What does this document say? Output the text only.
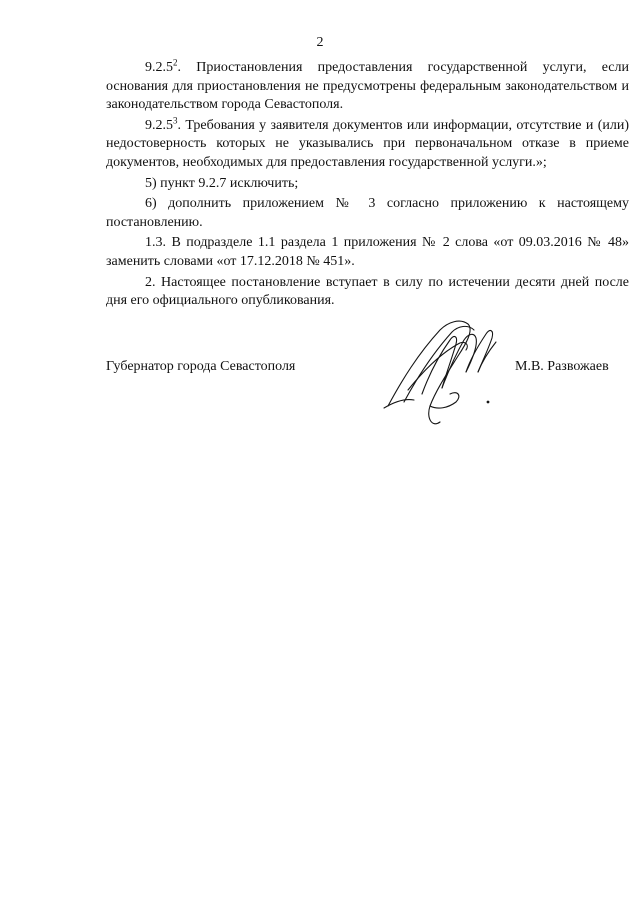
2

9.2.5$^2$. Приостановления предоставления государственной услуги, если основания для приостановления не предусмотрены федеральным законодательством и законодательством города Севастополя.

9.2.5$^3$. Требования у заявителя документов или информации, отсутствие и (или) недостоверность которых не указывались при первоначальном отказе в приеме документов, необходимых для предоставления государственной услуги.»;

5) пункт 9.2.7 исключить;

6) дополнить приложением № 3 согласно приложению к настоящему постановлению.

1.3. В подразделе 1.1 раздела 1 приложения № 2 слова «от 09.03.2016 № 48» заменить словами «от 17.12.2018 № 451».

2. Настоящее постановление вступает в силу по истечении десяти дней после дня его официального опубликования.

Губернатор города Севастополя	М.В. Развожаев
